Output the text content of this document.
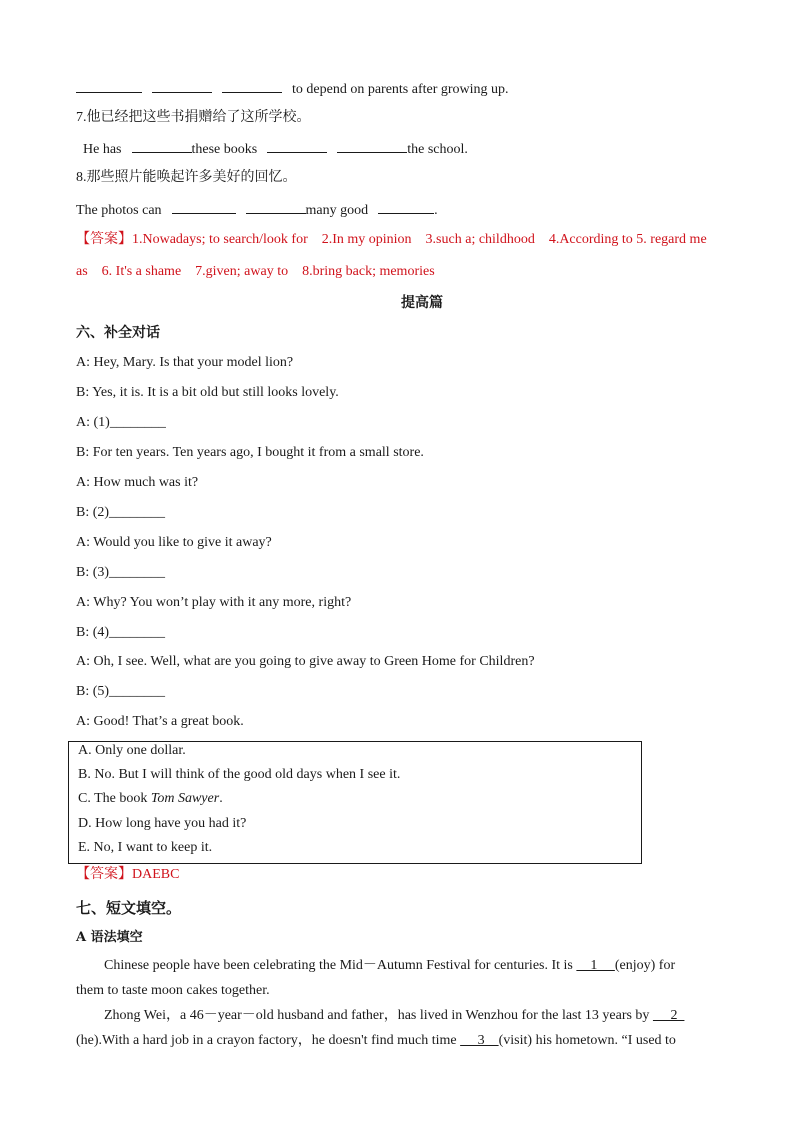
to depend on parents after growing up.
7.他已经把这些书捐赠给了这所学校。
He has	these books	the school.
8.那些照片能唤起许多美好的回忆。
The photos can	many good	.
【答案】1.Nowadays; to search/look for    2.In my opinion    3.such a; childhood    4.According to 5. regard me
as    6. It's a shame    7.given; away to    8.bring back; memories
提高篇
六、补全对话
A: Hey, Mary. Is that your model lion?
B: Yes, it is. It is a bit old but still looks lovely.
A: (1)________
B: For ten years. Ten years ago, I bought it from a small store.
A: How much was it?
B: (2)________
A: Would you like to give it away?
B: (3)________
A: Why? You won’t play with it any more, right?
B: (4)________
A: Oh, I see. Well, what are you going to give away to Green Home for Children?
B: (5)________
A: Good! That’s a great book.
A. Only one dollar.
B. No. But I will think of the good old days when I see it.
C. The book Tom Sawyer.
D. How long have you had it?
E. No, I want to keep it.
【答案】DAEBC
七、短文填空。
A 语法填空
Chinese people have been celebrating the Mid－Autumn Festival for centuries. It is     1     (enjoy) for
them to taste moon cakes together.
Zhong Wei，a 46－year－old husband and father，has lived in Wenzhou for the last 13 years by      2
(he).With a hard job in a crayon factory，he doesn't find much time      3    (visit) his hometown. “I used to
